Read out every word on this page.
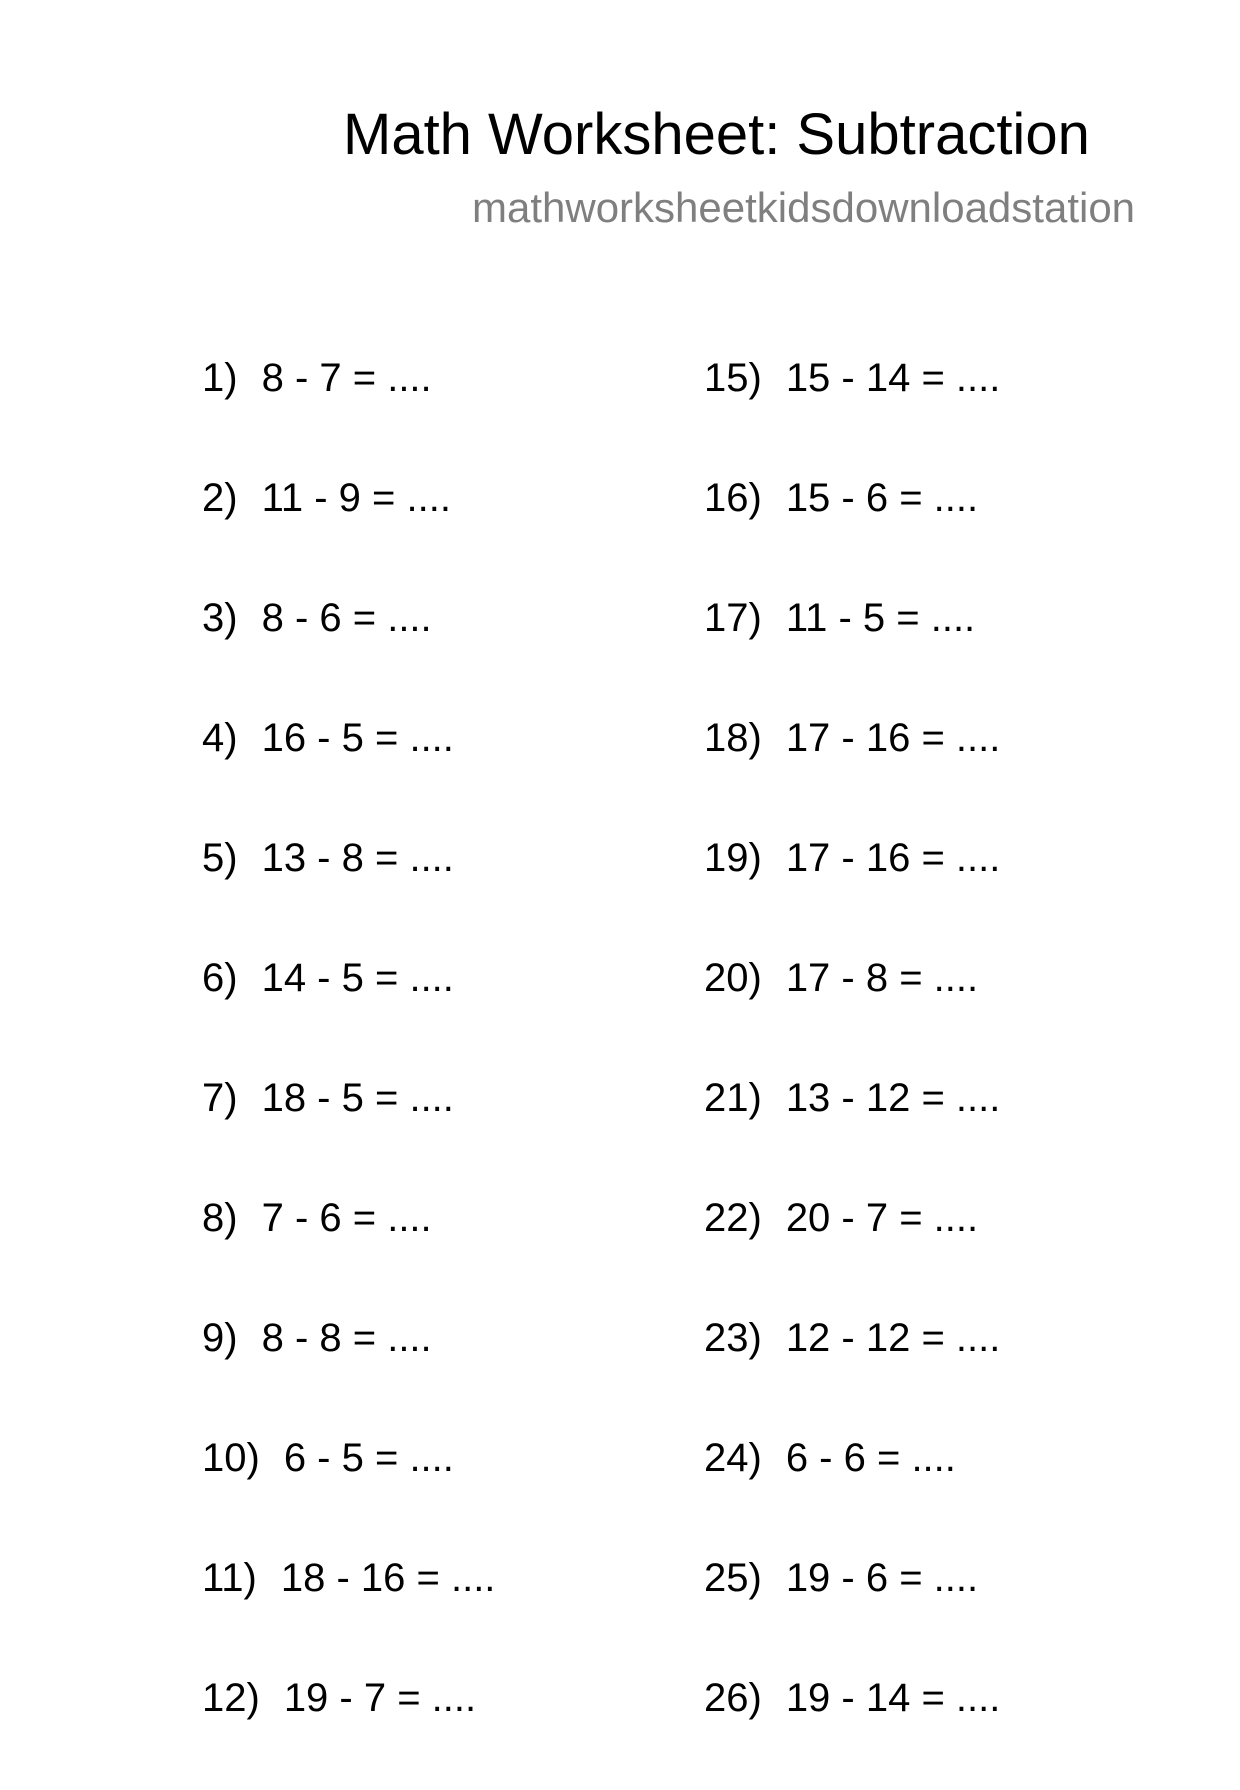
Math Worksheet: Subtraction
mathworksheetkidsdownloadstation
1) 8 - 7 = ....
2) 11 - 9 = ....
3) 8 - 6 = ....
4) 16 - 5 = ....
5) 13 - 8 = ....
6) 14 - 5 = ....
7) 18 - 5 = ....
8) 7 - 6 = ....
9) 8 - 8 = ....
10) 6 - 5 = ....
11) 18 - 16 = ....
12) 19 - 7 = ....
15) 15 - 14 = ....
16) 15 - 6 = ....
17) 11 - 5 = ....
18) 17 - 16 = ....
19) 17 - 16 = ....
20) 17 - 8 = ....
21) 13 - 12 = ....
22) 20 - 7 = ....
23) 12 - 12 = ....
24) 6 - 6 = ....
25) 19 - 6 = ....
26) 19 - 14 = ....
